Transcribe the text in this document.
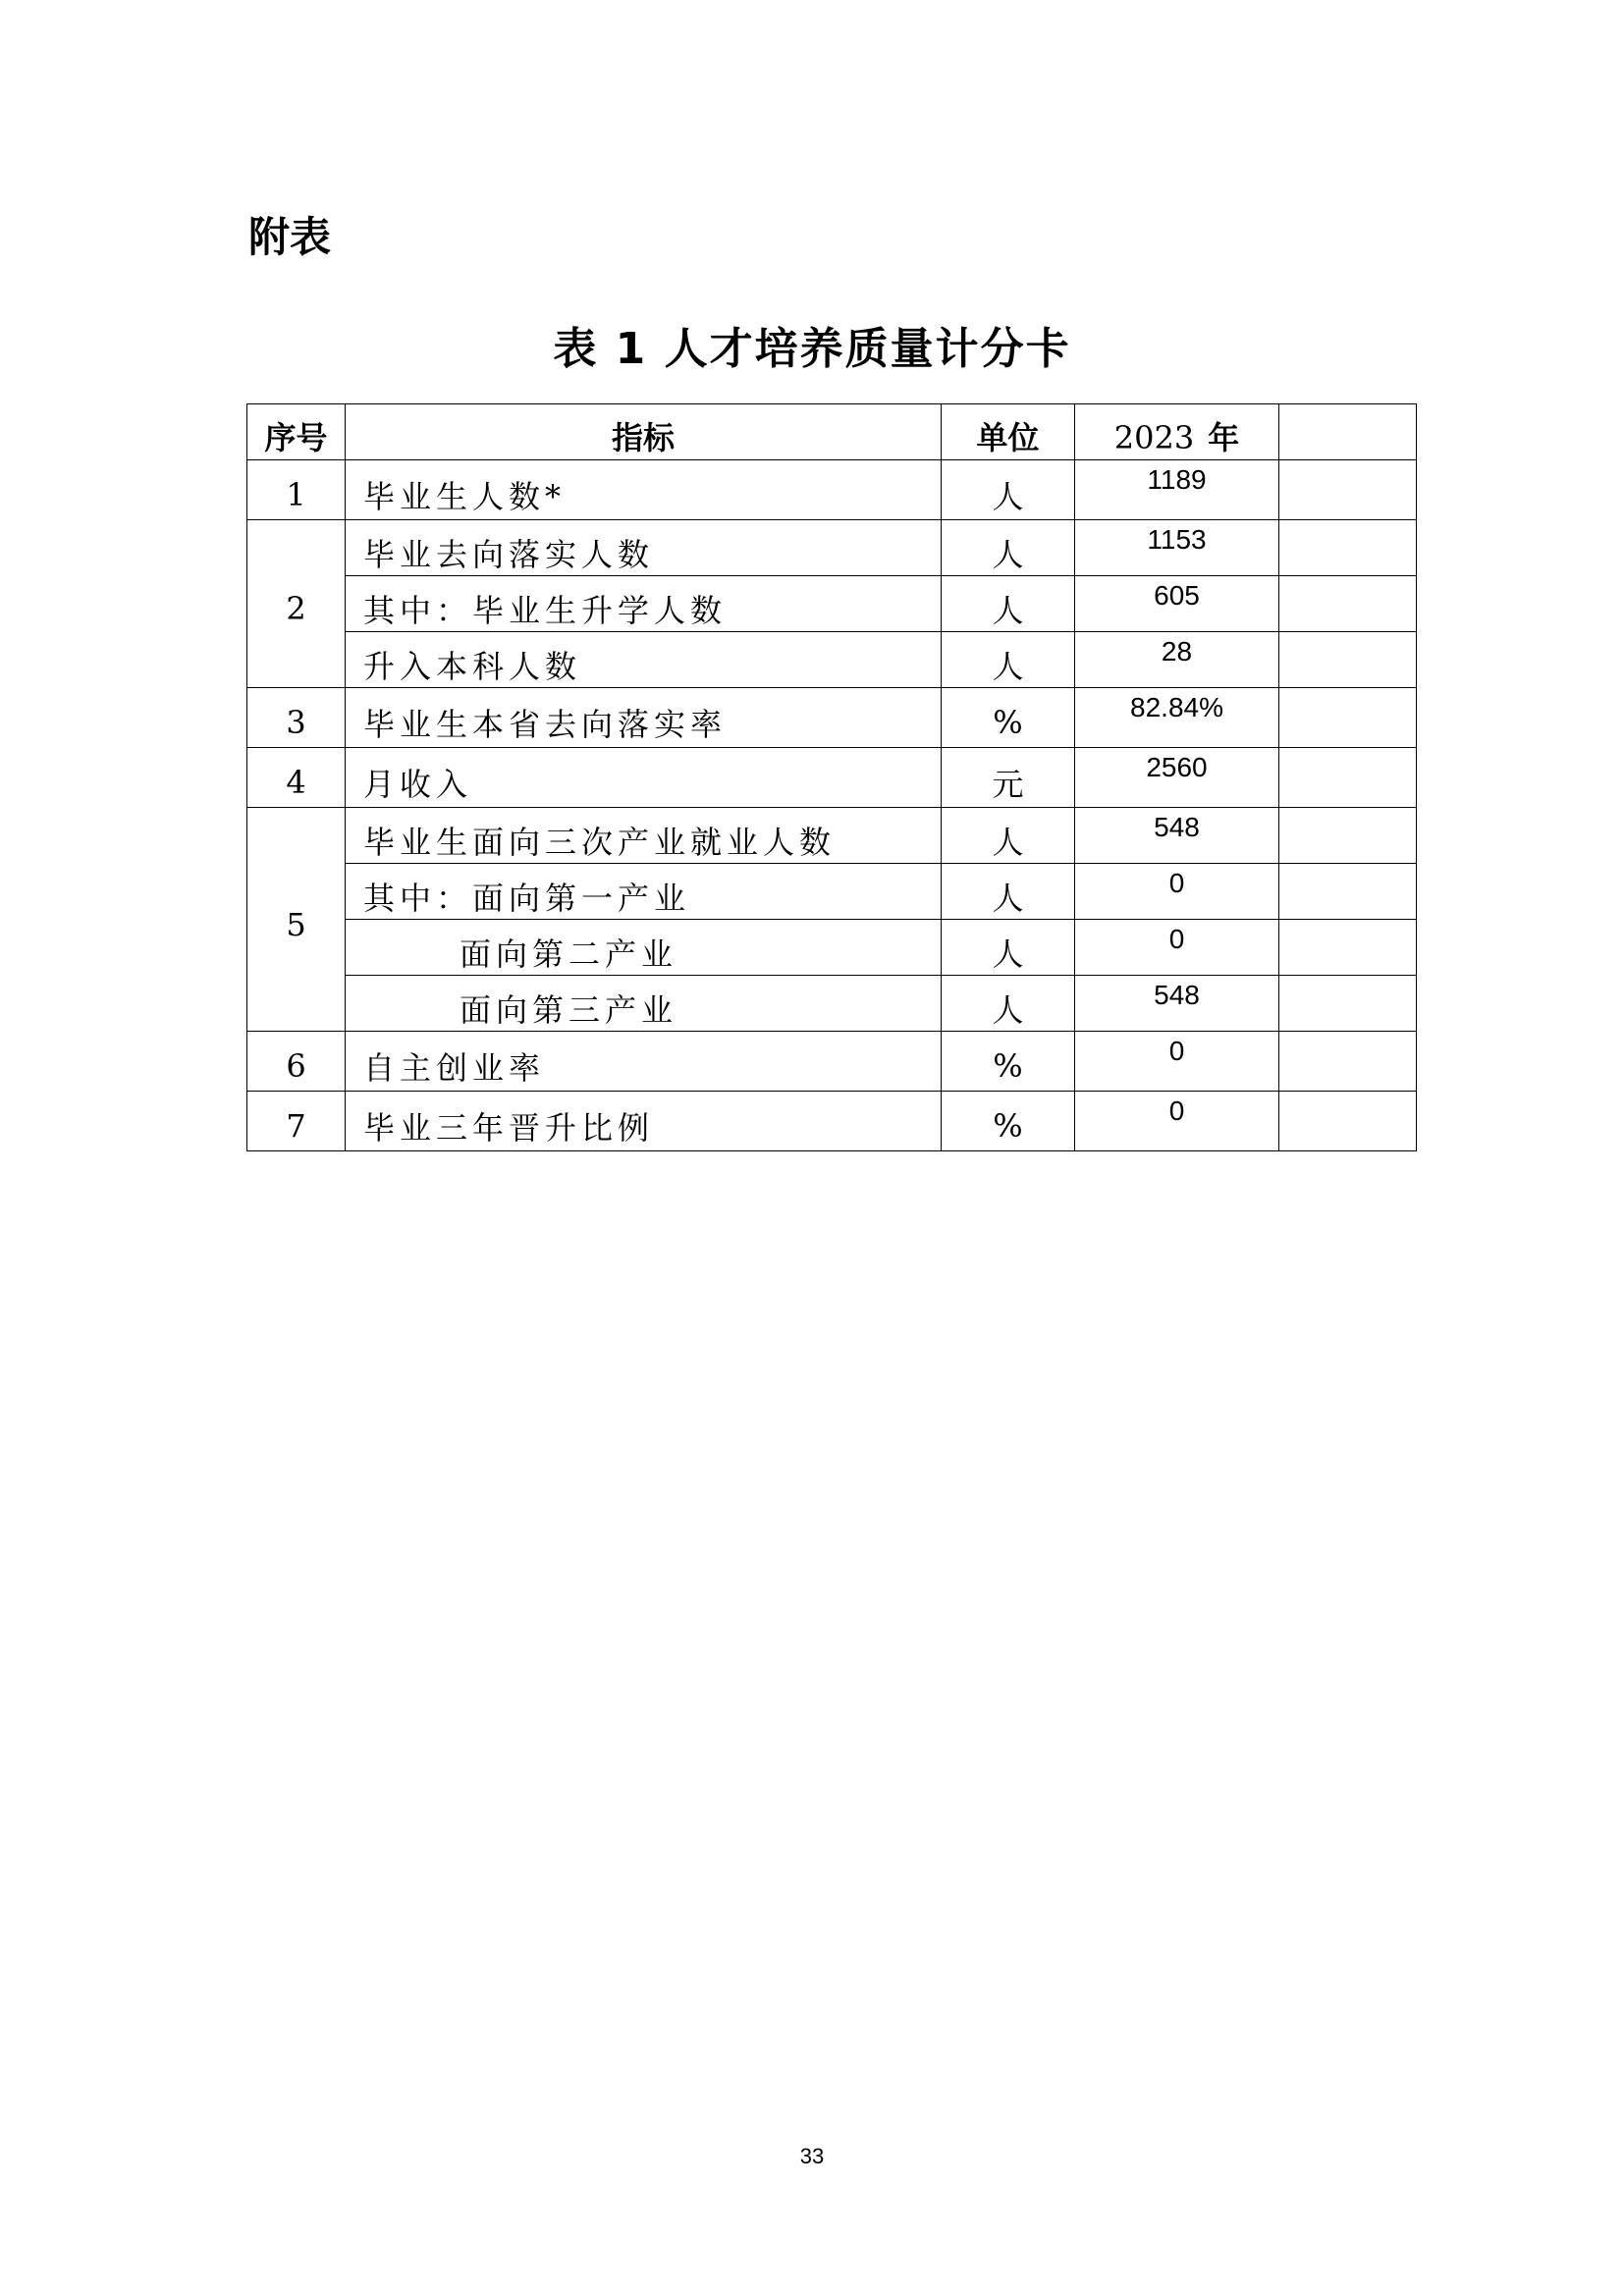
附表
表 1 人才培养质量计分卡
序号	指标	单位	2023 年	
1	毕业生人数*	人	1189	
2	毕业去向落实人数	人	1153	
	其中：毕业生升学人数	人	605	
	升入本科人数	人	28	
3	毕业生本省去向落实率	%	82.84%	
4	月收入	元	2560	
5	毕业生面向三次产业就业人数	人	548	
	其中：面向第一产业	人	0	
	面向第二产业	人	0	
	面向第三产业	人	548	
6	自主创业率	%	0	
7	毕业三年晋升比例	%	0	
33
